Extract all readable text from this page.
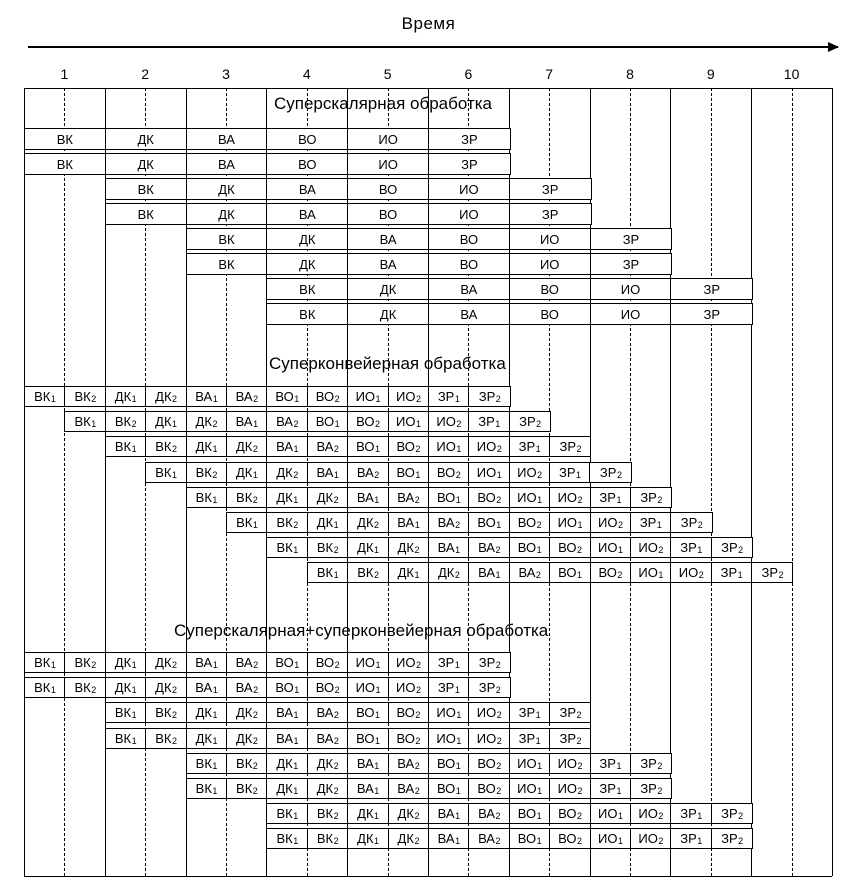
Время
1	2	3	4	5	6	7	8	9	10
Суперскалярная обработка
ВК	ДК	ВА	ВО	ИО	ЗР
ВК	ДК	ВА	ВО	ИО	ЗР
ВК	ДК	ВА	ВО	ИО	ЗР
ВК	ДК	ВА	ВО	ИО	ЗР
ВК	ДК	ВА	ВО	ИО	ЗР
ВК	ДК	ВА	ВО	ИО	ЗР
ВК	ДК	ВА	ВО	ИО	ЗР
ВК	ДК	ВА	ВО	ИО	ЗР
Суперконвейерная обработка
$ВК_1$	$ВК_2$	$ДК_1$	$ДК_2$	$ВА_1$	$ВА_2$	$ВО_1$	$ВО_2$	$ИО_1$	$ИО_2$	$ЗР_1$	$ЗР_2$
$ВК_1$	$ВК_2$	$ДК_1$	$ДК_2$	$ВА_1$	$ВА_2$	$ВО_1$	$ВО_2$	$ИО_1$	$ИО_2$	$ЗР_1$	$ЗР_2$
$ВК_1$	$ВК_2$	$ДК_1$	$ДК_2$	$ВА_1$	$ВА_2$	$ВО_1$	$ВО_2$	$ИО_1$	$ИО_2$	$ЗР_1$	$ЗР_2$
$ВК_1$	$ВК_2$	$ДК_1$	$ДК_2$	$ВА_1$	$ВА_2$	$ВО_1$	$ВО_2$	$ИО_1$	$ИО_2$	$ЗР_1$	$ЗР_2$
$ВК_1$	$ВК_2$	$ДК_1$	$ДК_2$	$ВА_1$	$ВА_2$	$ВО_1$	$ВО_2$	$ИО_1$	$ИО_2$	$ЗР_1$	$ЗР_2$
$ВК_1$	$ВК_2$	$ДК_1$	$ДК_2$	$ВА_1$	$ВА_2$	$ВО_1$	$ВО_2$	$ИО_1$	$ИО_2$	$ЗР_1$	$ЗР_2$
$ВК_1$	$ВК_2$	$ДК_1$	$ДК_2$	$ВА_1$	$ВА_2$	$ВО_1$	$ВО_2$	$ИО_1$	$ИО_2$	$ЗР_1$	$ЗР_2$
$ВК_1$	$ВК_2$	$ДК_1$	$ДК_2$	$ВА_1$	$ВА_2$	$ВО_1$	$ВО_2$	$ИО_1$	$ИО_2$	$ЗР_1$	$ЗР_2$
Суперскалярная+суперконвейерная обработка
$ВК_1$	$ВК_2$	$ДК_1$	$ДК_2$	$ВА_1$	$ВА_2$	$ВО_1$	$ВО_2$	$ИО_1$	$ИО_2$	$ЗР_1$	$ЗР_2$
$ВК_1$	$ВК_2$	$ДК_1$	$ДК_2$	$ВА_1$	$ВА_2$	$ВО_1$	$ВО_2$	$ИО_1$	$ИО_2$	$ЗР_1$	$ЗР_2$
$ВК_1$	$ВК_2$	$ДК_1$	$ДК_2$	$ВА_1$	$ВА_2$	$ВО_1$	$ВО_2$	$ИО_1$	$ИО_2$	$ЗР_1$	$ЗР_2$
$ВК_1$	$ВК_2$	$ДК_1$	$ДК_2$	$ВА_1$	$ВА_2$	$ВО_1$	$ВО_2$	$ИО_1$	$ИО_2$	$ЗР_1$	$ЗР_2$
$ВК_1$	$ВК_2$	$ДК_1$	$ДК_2$	$ВА_1$	$ВА_2$	$ВО_1$	$ВО_2$	$ИО_1$	$ИО_2$	$ЗР_1$	$ЗР_2$
$ВК_1$	$ВК_2$	$ДК_1$	$ДК_2$	$ВА_1$	$ВА_2$	$ВО_1$	$ВО_2$	$ИО_1$	$ИО_2$	$ЗР_1$	$ЗР_2$
$ВК_1$	$ВК_2$	$ДК_1$	$ДК_2$	$ВА_1$	$ВА_2$	$ВО_1$	$ВО_2$	$ИО_1$	$ИО_2$	$ЗР_1$	$ЗР_2$
$ВК_1$	$ВК_2$	$ДК_1$	$ДК_2$	$ВА_1$	$ВА_2$	$ВО_1$	$ВО_2$	$ИО_1$	$ИО_2$	$ЗР_1$	$ЗР_2$
